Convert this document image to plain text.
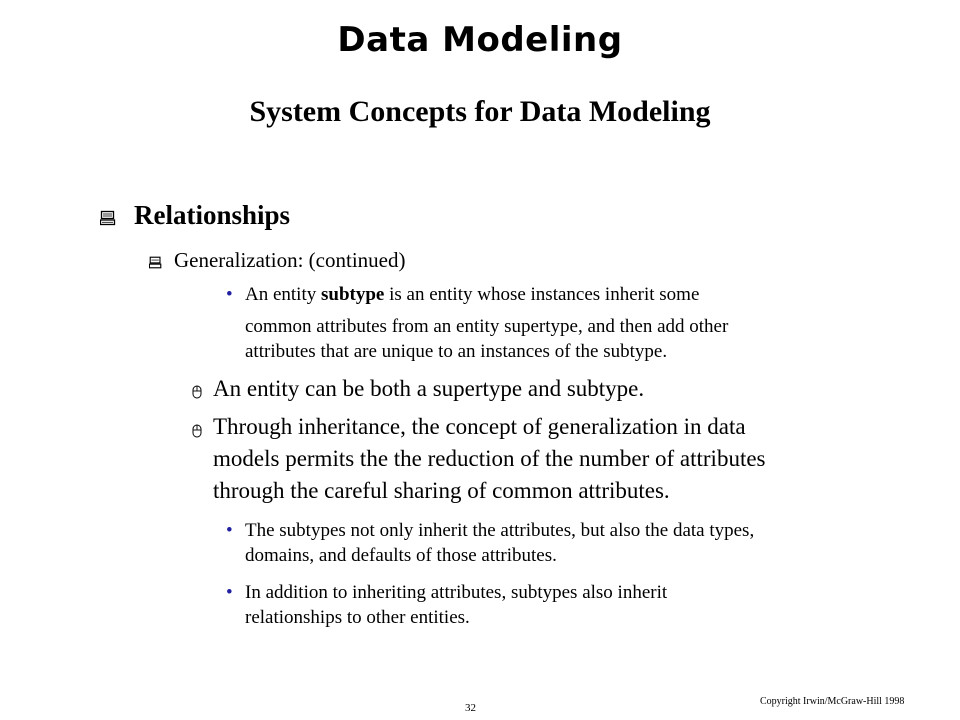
Data Modeling
System Concepts for Data Modeling
Relationships
Generalization: (continued)
• An entity subtype is an entity whose instances inherit some
common attributes from an entity supertype, and then add other
attributes that are unique to an instances of the subtype.
An entity can be both a supertype and subtype.
Through inheritance, the concept of generalization in data
models permits the the reduction of the number of attributes
through the careful sharing of common attributes.
• The subtypes not only inherit the attributes, but also the data types,
domains, and defaults of those attributes.
• In addition to inheriting attributes, subtypes also inherit
relationships to other entities.
32
Copyright Irwin/McGraw-Hill 1998
